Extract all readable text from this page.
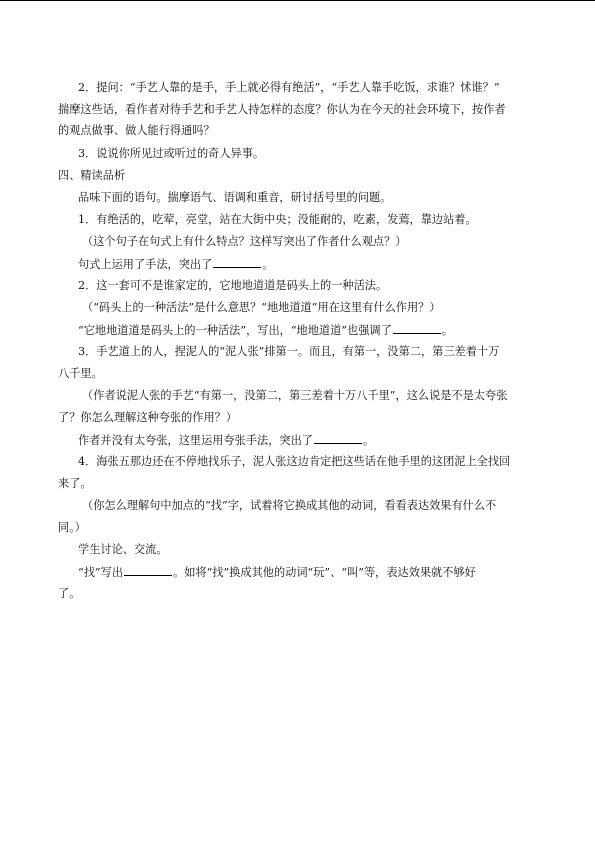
2．提问：“手艺人靠的是手，手上就必得有绝活”，“手艺人靠手吃饭，求谁？怵谁？”
揣摩这些话，看作者对待手艺和手艺人持怎样的态度？你认为在今天的社会环境下，按作者
的观点做事、做人能行得通吗？
3．说说你所见过或听过的奇人异事。
四、精读品析
品味下面的语句。揣摩语气、语调和重音，研讨括号里的问题。
1．有绝活的，吃荤，亮堂，站在大街中央；没能耐的，吃素，发蔫，靠边站着。
（这个句子在句式上有什么特点？这样写突出了作者什么观点？）
句式上运用了手法，突出了	。
2．这一套可不是谁家定的，它地地道道是码头上的一种活法。
（“码头上的一种活法”是什么意思？“地地道道”用在这里有什么作用？）
“它地地道道是码头上的一种活法”，写出，“地地道道”也强调了	。
3．手艺道上的人，捏泥人的“泥人张”排第一。而且，有第一，没第二，第三差着十万
八千里。
（作者说泥人张的手艺“有第一，没第二，第三差着十万八千里”，这么说是不是太夸张
了？你怎么理解这种夸张的作用？）
作者并没有太夸张，这里运用夸张手法，突出了	。
4．海张五那边还在不停地找乐子，泥人张这边肯定把这些话在他手里的这团泥上全找回
来了。
（你怎么理解句中加点的“找”字，试着将它换成其他的动词，看看表达效果有什么不
同。）
学生讨论、交流。
“找”写出	。如将“找”换成其他的动词“玩”、“叫”等，表达效果就不够好
了。
